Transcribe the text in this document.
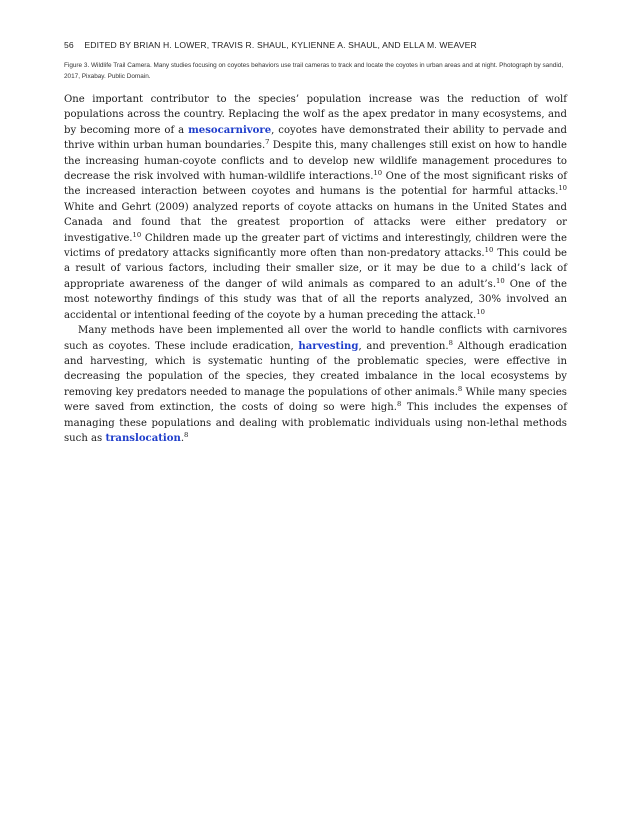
56 EDITED BY BRIAN H. LOWER, TRAVIS R. SHAUL, KYLIENNE A. SHAUL, AND ELLA M. WEAVER
Figure 3. Wildlife Trail Camera. Many studies focusing on coyotes behaviors use trail cameras to track and locate the coyotes in urban areas and at night. Photograph by sandid, 2017, Pixabay. Public Domain.

One important contributor to the species’ population increase was the reduction of wolf populations across the country. Replacing the wolf as the apex predator in many ecosystems, and by becoming more of a mesocarnivore, coyotes have demonstrated their ability to pervade and thrive within urban human boundaries.$^7$ Despite this, many challenges still exist on how to handle the increasing human-coyote conflicts and to develop new wildlife management procedures to decrease the risk involved with human-wildlife interactions.$^{10}$ One of the most significant risks of the increased interaction between coyotes and humans is the potential for harmful attacks.$^{10}$ White and Gehrt (2009) analyzed reports of coyote attacks on humans in the United States and Canada and found that the greatest proportion of attacks were either predatory or investigative.$^{10}$ Children made up the greater part of victims and interestingly, children were the victims of predatory attacks significantly more often than non-predatory attacks.$^{10}$ This could be a result of various factors, including their smaller size, or it may be due to a child’s lack of appropriate awareness of the danger of wild animals as compared to an adult’s.$^{10}$ One of the most noteworthy findings of this study was that of all the reports analyzed, 30% involved an accidental or intentional feeding of the coyote by a human preceding the attack.$^{10}$

Many methods have been implemented all over the world to handle conflicts with carnivores such as coyotes. These include eradication, harvesting, and prevention.$^8$ Although eradication and harvesting, which is systematic hunting of the problematic species, were effective in decreasing the population of the species, they created imbalance in the local ecosystems by removing key predators needed to manage the populations of other animals.$^8$ While many species were saved from extinction, the costs of doing so were high.$^8$ This includes the expenses of managing these populations and dealing with problematic individuals using non-lethal methods such as translocation.$^8$
